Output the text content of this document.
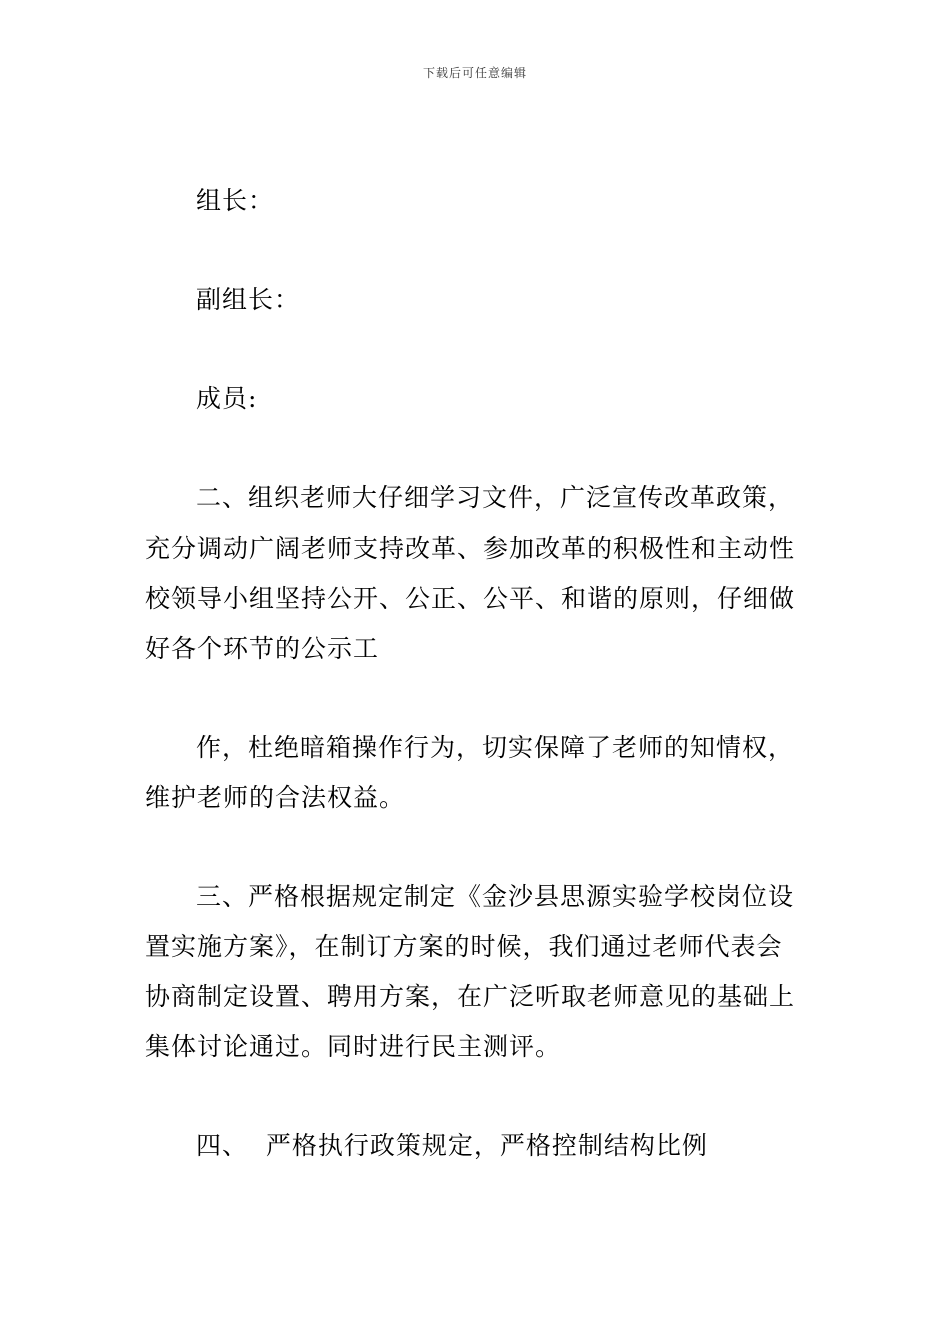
下载后可任意编辑
组长：
副组长：
成员:
二、组织老师大仔细学习文件，广泛宣传改革政策，
充分调动广阔老师支持改革、参加改革的积极性和主动性
校领导小组坚持公开、公正、公平、和谐的原则，仔细做
好各个环节的公示工
作，杜绝暗箱操作行为，切实保障了老师的知情权，
维护老师的合法权益。
三、严格根据规定制定《金沙县思源实验学校岗位设
置实施方案》，在制订方案的时候，我们通过老师代表会
协商制定设置、聘用方案，在广泛听取老师意见的基础上
集体讨论通过。同时进行民主测评。
四、  严格执行政策规定，严格控制结构比例
